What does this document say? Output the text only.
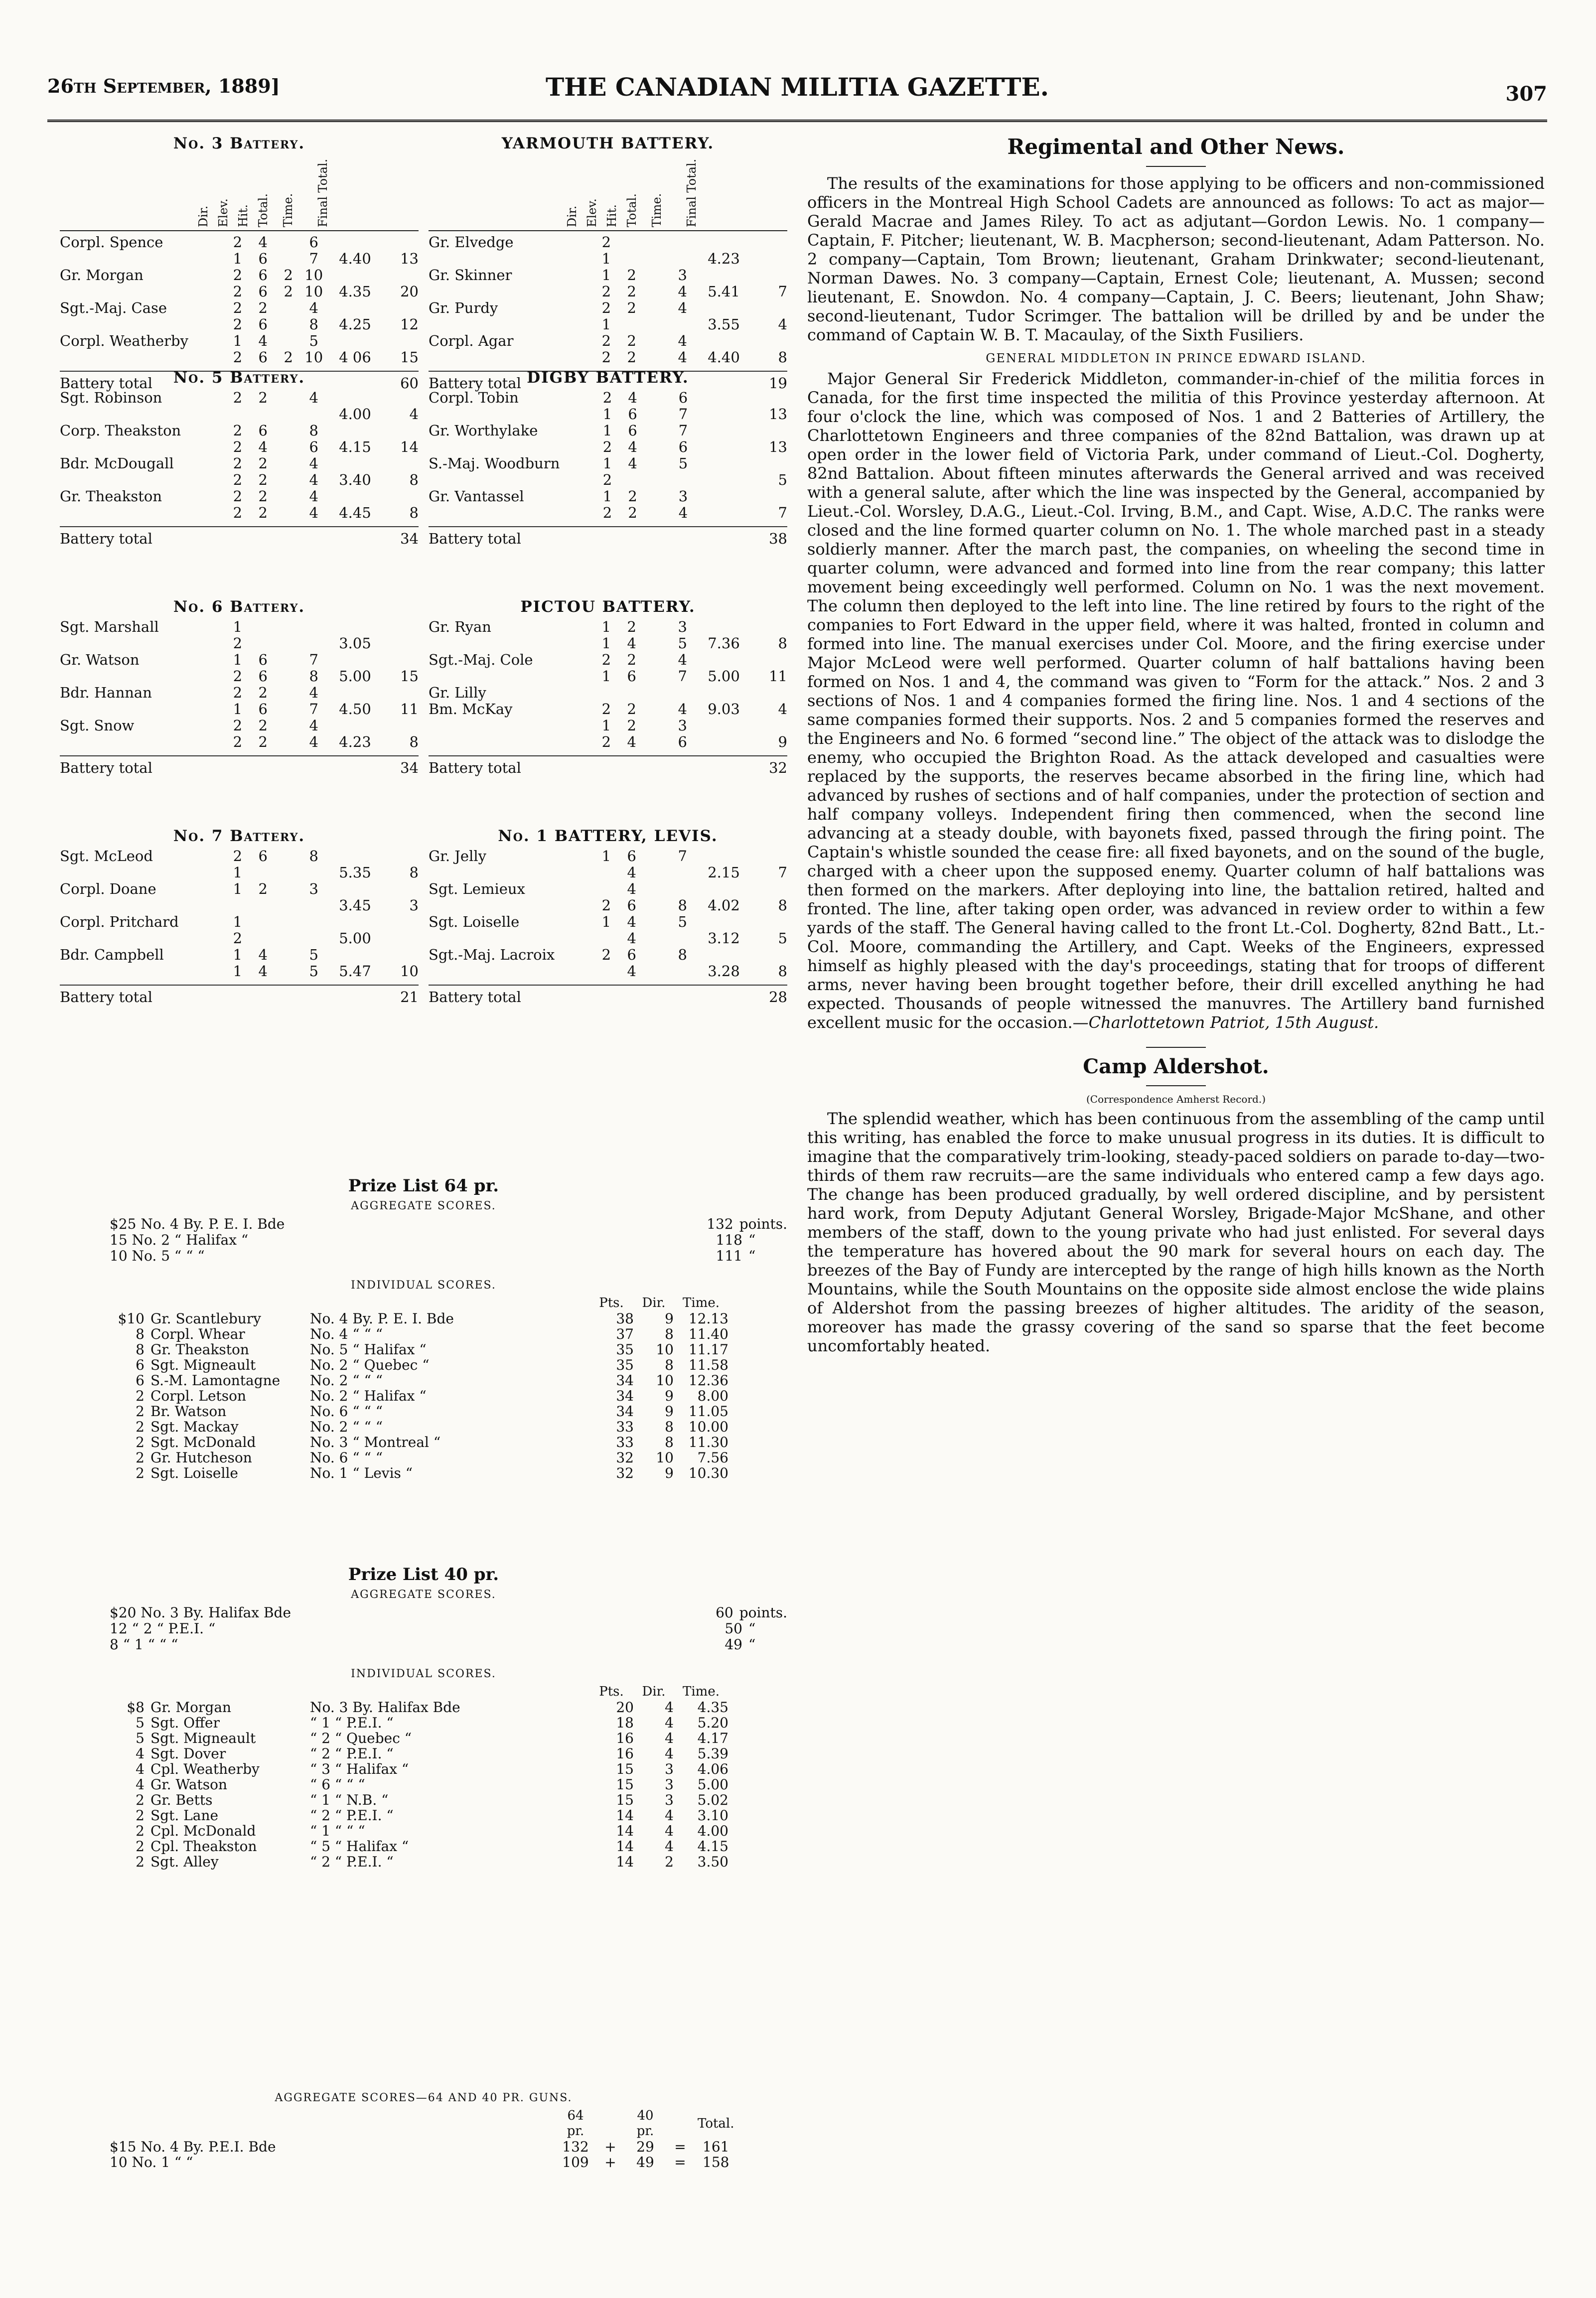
26th September, 1889]	THE CANADIAN MILITIA GAZETTE.	307
No. 3 Battery.
Dir. Elev. Hit. Total. Time. Final Total.
Corpl. Spence	2	4		6		
	1	6		7	4.40	13
Gr. Morgan	2	6	2	10		
	2	6	2	10	4.35	20
Sgt.-Maj. Case	2	2		4		
	2	6		8	4.25	12
Corpl. Weatherby	1	4		5		
	2	6	2	10	4 06	15
Battery total	60
No. 5 Battery.
Sgt. Robinson	2	2		4		
					4.00	4
Corp. Theakston	2	6		8		
	2	4		6	4.15	14
Bdr. McDougall	2	2		4		
	2	2		4	3.40	8
Gr. Theakston	2	2		4		
	2	2		4	4.45	8
Battery total	34
No. 6 Battery.
Sgt. Marshall	1					
	2				3.05	
Gr. Watson	1	6		7		
	2	6		8	5.00	15
Bdr. Hannan	2	2		4		
	1	6		7	4.50	11
Sgt. Snow	2	2		4		
	2	2		4	4.23	8
Battery total	34
No. 7 Battery.
Sgt. McLeod	2	6		8		
	1				5.35	8
Corpl. Doane	1	2		3		
					3.45	3
Corpl. Pritchard	1					
	2				5.00	
Bdr. Campbell	1	4		5		
	1	4		5	5.47	10
Battery total	21
YARMOUTH BATTERY.
Dir. Elev. Hit. Total. Time. Final Total.
Gr. Elvedge	2					
	1				4.23	
Gr. Skinner	1	2		3		
	2	2		4	5.41	7
Gr. Purdy	2	2		4		
	1				3.55	4
Corpl. Agar	2	2		4		
	2	2		4	4.40	8
Battery total	19
DIGBY BATTERY.
Corpl. Tobin	2	4		6		
	1	6		7		13
Gr. Worthylake	1	6		7		
	2	4		6		13
S.-Maj. Woodburn	1	4		5		
	2					5
Gr. Vantassel	1	2		3		
	2	2		4		7
Battery total	38
PICTOU BATTERY.
Gr. Ryan	1	2		3		
	1	4		5	7.36	8
Sgt.-Maj. Cole	2	2		4		
	1	6		7	5.00	11
Gr. Lilly						
Bm. McKay	2	2		4	9.03	4
	1	2		3		
	2	4		6		9
Battery total	32
No. 1 BATTERY, LEVIS.
Gr. Jelly	1	6		7		
		4			2.15	7
Sgt. Lemieux		4				
	2	6		8	4.02	8
Sgt. Loiselle	1	4		5		
		4			3.12	5
Sgt.-Maj. Lacroix	2	6		8		
		4			3.28	8
Battery total	28
Prize List 64 pr.
AGGREGATE SCORES.
$25 No. 4 By. P. E. I. Bde	132 points.
15 No. 2 “ Halifax “	118 “
10 No. 5 “ “ “	111 “
INDIVIDUAL SCORES.
			Pts.	Dir.	Time.
$10	Gr. Scantlebury	No. 4 By. P. E. I. Bde	38	9	12.13
8	Corpl. Whear	No. 4 “ “ “	37	8	11.40
8	Gr. Theakston	No. 5 “ Halifax “	35	10	11.17
6	Sgt. Migneault	No. 2 “ Quebec “	35	8	11.58
6	S.-M. Lamontagne	No. 2 “ “ “	34	10	12.36
2	Corpl. Letson	No. 2 “ Halifax “	34	9	8.00
2	Br. Watson	No. 6 “ “ “	34	9	11.05
2	Sgt. Mackay	No. 2 “ “ “	33	8	10.00
2	Sgt. McDonald	No. 3 “ Montreal “	33	8	11.30
2	Gr. Hutcheson	No. 6 “ “ “	32	10	7.56
2	Sgt. Loiselle	No. 1 “ Levis “	32	9	10.30
Prize List 40 pr.
AGGREGATE SCORES.
$20 No. 3 By. Halifax Bde	60 points.
12 “ 2 “ P.E.I. “	50 “
8 “ 1 “ “ “	49 “
INDIVIDUAL SCORES.
			Pts.	Dir.	Time.
$8	Gr. Morgan	No. 3 By. Halifax Bde	20	4	4.35
5	Sgt. Offer	“ 1 “ P.E.I. “	18	4	5.20
5	Sgt. Migneault	“ 2 “ Quebec “	16	4	4.17
4	Sgt. Dover	“ 2 “ P.E.I. “	16	4	5.39
4	Cpl. Weatherby	“ 3 “ Halifax “	15	3	4.06
4	Gr. Watson	“ 6 “ “ “	15	3	5.00
2	Gr. Betts	“ 1 “ N.B. “	15	3	5.02
2	Sgt. Lane	“ 2 “ P.E.I. “	14	4	3.10
2	Cpl. McDonald	“ 1 “ “ “	14	4	4.00
2	Cpl. Theakston	“ 5 “ Halifax “	14	4	4.15
2	Sgt. Alley	“ 2 “ P.E.I. “	14	2	3.50
AGGREGATE SCORES—64 AND 40 PR. GUNS.
	64 pr.		40 pr.		Total.
$15 No. 4 By. P.E.I. Bde	132	+	29	=	161
10 No. 1 “ “	109	+	49	=	158
Regimental and Other News.

The results of the examinations for those applying to be officers and non-commissioned officers in the Montreal High School Cadets are announced as follows: To act as major—Gerald Macrae and James Riley. To act as adjutant—Gordon Lewis. No. 1 company—Captain, F. Pitcher; lieutenant, W. B. Macpherson; second-lieutenant, Adam Patterson. No. 2 company—Captain, Tom Brown; lieutenant, Graham Drinkwater; second-lieutenant, Norman Dawes. No. 3 company—Captain, Ernest Cole; lieutenant, A. Mussen; second lieutenant, E. Snowdon. No. 4 company—Captain, J. C. Beers; lieutenant, John Shaw; second-lieutenant, Tudor Scrimger. The battalion will be drilled by and be under the command of Captain W. B. T. Macaulay, of the Sixth Fusiliers.

GENERAL MIDDLETON IN PRINCE EDWARD ISLAND.

Major General Sir Frederick Middleton, commander-in-chief of the militia forces in Canada, for the first time inspected the militia of this Province yesterday afternoon. At four o'clock the line, which was composed of Nos. 1 and 2 Batteries of Artillery, the Charlottetown Engineers and three companies of the 82nd Battalion, was drawn up at open order in the lower field of Victoria Park, under command of Lieut.-Col. Dogherty, 82nd Battalion. About fifteen minutes afterwards the General arrived and was received with a general salute, after which the line was inspected by the General, accompanied by Lieut.-Col. Worsley, D.A.G., Lieut.-Col. Irving, B.M., and Capt. Wise, A.D.C. The ranks were closed and the line formed quarter column on No. 1. The whole marched past in a steady soldierly manner. After the march past, the companies, on wheeling the second time in quarter column, were advanced and formed into line from the rear company; this latter movement being exceedingly well performed. Column on No. 1 was the next movement. The column then deployed to the left into line. The line retired by fours to the right of the companies to Fort Edward in the upper field, where it was halted, fronted in column and formed into line. The manual exercises under Col. Moore, and the firing exercise under Major McLeod were well performed. Quarter column of half battalions having been formed on Nos. 1 and 4, the command was given to “Form for the attack.” Nos. 2 and 3 sections of Nos. 1 and 4 companies formed the firing line. Nos. 1 and 4 sections of the same companies formed their supports. Nos. 2 and 5 companies formed the reserves and the Engineers and No. 6 formed “second line.” The object of the attack was to dislodge the enemy, who occupied the Brighton Road. As the attack developed and casualties were replaced by the supports, the reserves became absorbed in the firing line, which had advanced by rushes of sections and of half companies, under the protection of section and half company volleys. Independent firing then commenced, when the second line advancing at a steady double, with bayonets fixed, passed through the firing point. The Captain's whistle sounded the cease fire: all fixed bayonets, and on the sound of the bugle, charged with a cheer upon the supposed enemy. Quarter column of half battalions was then formed on the markers. After deploying into line, the battalion retired, halted and fronted. The line, after taking open order, was advanced in review order to within a few yards of the staff. The General having called to the front Lt.-Col. Dogherty, 82nd Batt., Lt.-Col. Moore, commanding the Artillery, and Capt. Weeks of the Engineers, expressed himself as highly pleased with the day's proceedings, stating that for troops of different arms, never having been brought together before, their drill excelled anything he had expected. Thousands of people witnessed the manuvres. The Artillery band furnished excellent music for the occasion.—Charlottetown Patriot, 15th August.

Camp Aldershot.
(Correspondence Amherst Record.)

The splendid weather, which has been continuous from the assembling of the camp until this writing, has enabled the force to make unusual progress in its duties. It is difficult to imagine that the comparatively trim-looking, steady-paced soldiers on parade to-day—two-thirds of them raw recruits—are the same individuals who entered camp a few days ago. The change has been produced gradually, by well ordered discipline, and by persistent hard work, from Deputy Adjutant General Worsley, Brigade-Major McShane, and other members of the staff, down to the young private who had just enlisted. For several days the temperature has hovered about the 90 mark for several hours on each day. The breezes of the Bay of Fundy are intercepted by the range of high hills known as the North Mountains, while the South Mountains on the opposite side almost enclose the wide plains of Aldershot from the passing breezes of higher altitudes. The aridity of the season, moreover has made the grassy covering of the sand so sparse that the feet become uncomfortably heated.
